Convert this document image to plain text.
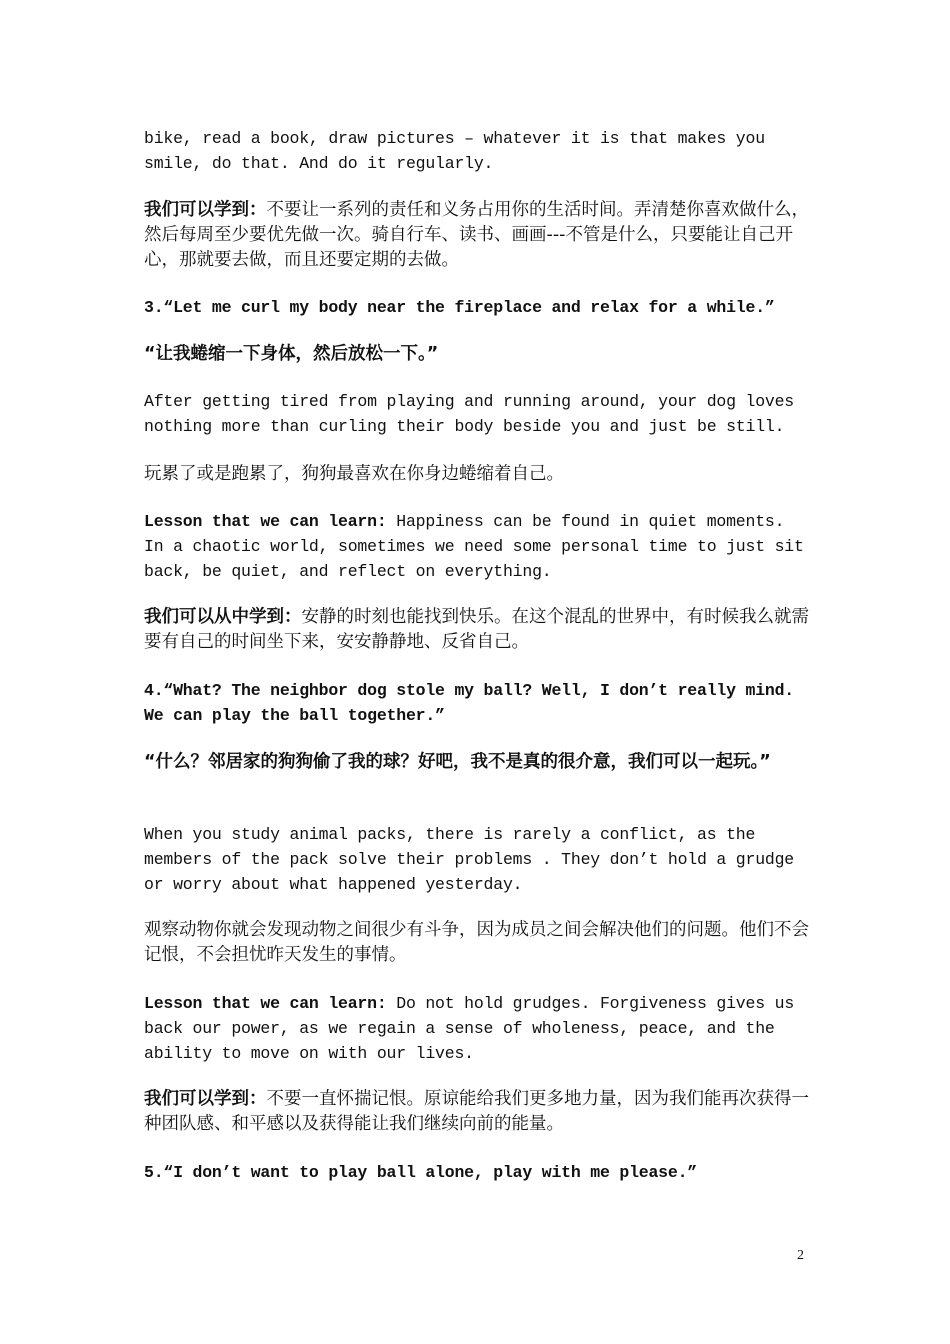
bike, read a book, draw pictures – whatever it is that makes you smile, do that. And do it regularly.

我们可以学到：不要让一系列的责任和义务占用你的生活时间。弄清楚你喜欢做什么，然后每周至少要优先做一次。骑自行车、读书、画画---不管是什么，只要能让自己开心，那就要去做，而且还要定期的去做。

3.“Let me curl my body near the fireplace and relax for a while.”

“让我蜷缩一下身体，然后放松一下。”

After getting tired from playing and running around, your dog loves nothing more than curling their body beside you and just be still.

玩累了或是跑累了，狗狗最喜欢在你身边蜷缩着自己。

Lesson that we can learn: Happiness can be found in quiet moments. In a chaotic world, sometimes we need some personal time to just sit back, be quiet, and reflect on everything.

我们可以从中学到：安静的时刻也能找到快乐。在这个混乱的世界中，有时候我么就需要有自己的时间坐下来，安安静静地、反省自己。

4.“What? The neighbor dog stole my ball? Well, I don’t really mind. We can play the ball together.”

“什么？邻居家的狗狗偷了我的球？好吧，我不是真的很介意，我们可以一起玩。”

When you study animal packs, there is rarely a conflict, as the members of the pack solve their problems . They don’t hold a grudge or worry about what happened yesterday.

观察动物你就会发现动物之间很少有斗争，因为成员之间会解决他们的问题。他们不会记恨，不会担忧昨天发生的事情。

Lesson that we can learn: Do not hold grudges. Forgiveness gives us back our power, as we regain a sense of wholeness, peace, and the ability to move on with our lives.

我们可以学到：不要一直怀揣记恨。原谅能给我们更多地力量，因为我们能再次获得一种团队感、和平感以及获得能让我们继续向前的能量。

5.“I don’t want to play ball alone, play with me please.”

2
